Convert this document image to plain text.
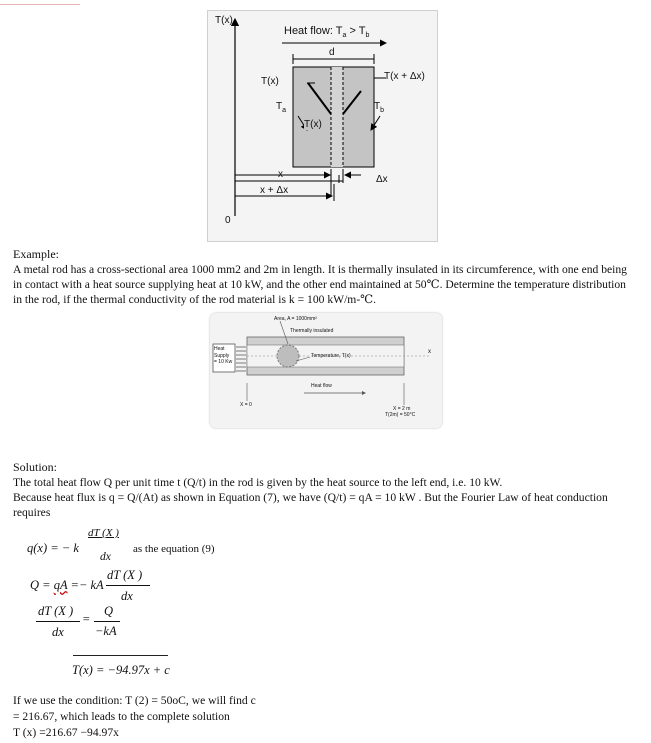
T(x)
Heat flow: $T_a > T_b$
d
T(x)	T(x + Δx)
$T_a$	$T_b$
T(x)
Δx
x
x + Δx
0
Example:
A metal rod has a cross-sectional area 1000 mm2 and 2m in length. It is thermally insulated in its circumference, with one end being
in contact with a heat source supplying heat at 10 kW, and the other end maintained at 50℃. Determine the temperature distribution
in the rod, if the thermal conductivity of the rod material is k = 100 kW/m-℃.
Area, A = 1000mm²
Thermally insulated
Heat
Supply
= 10 Kw
Temperature, T(x)
Heat flow
X = 0
X = 2 m
T(2m) = 50°C
x
Solution:
The total heat flow Q per unit time t (Q/t) in the rod is given by the heat source to the left end, i.e. 10 kW.
Because heat flux is q = Q/(At) as shown in Equation (7), we have (Q/t) = qA = 10 kW . But the Fourier Law of heat conduction
requires
q(x) = − k
dT (X )
dx
as the equation (9)
Q = qA =− kA
dT (X )
dx
dT (X )
dx
=
Q
−kA
T(x) = −94.97x + c
If we use the condition: T (2) = 50oC, we will find c
= 216.67, which leads to the complete solution
T (x) =216.67 −94.97x
